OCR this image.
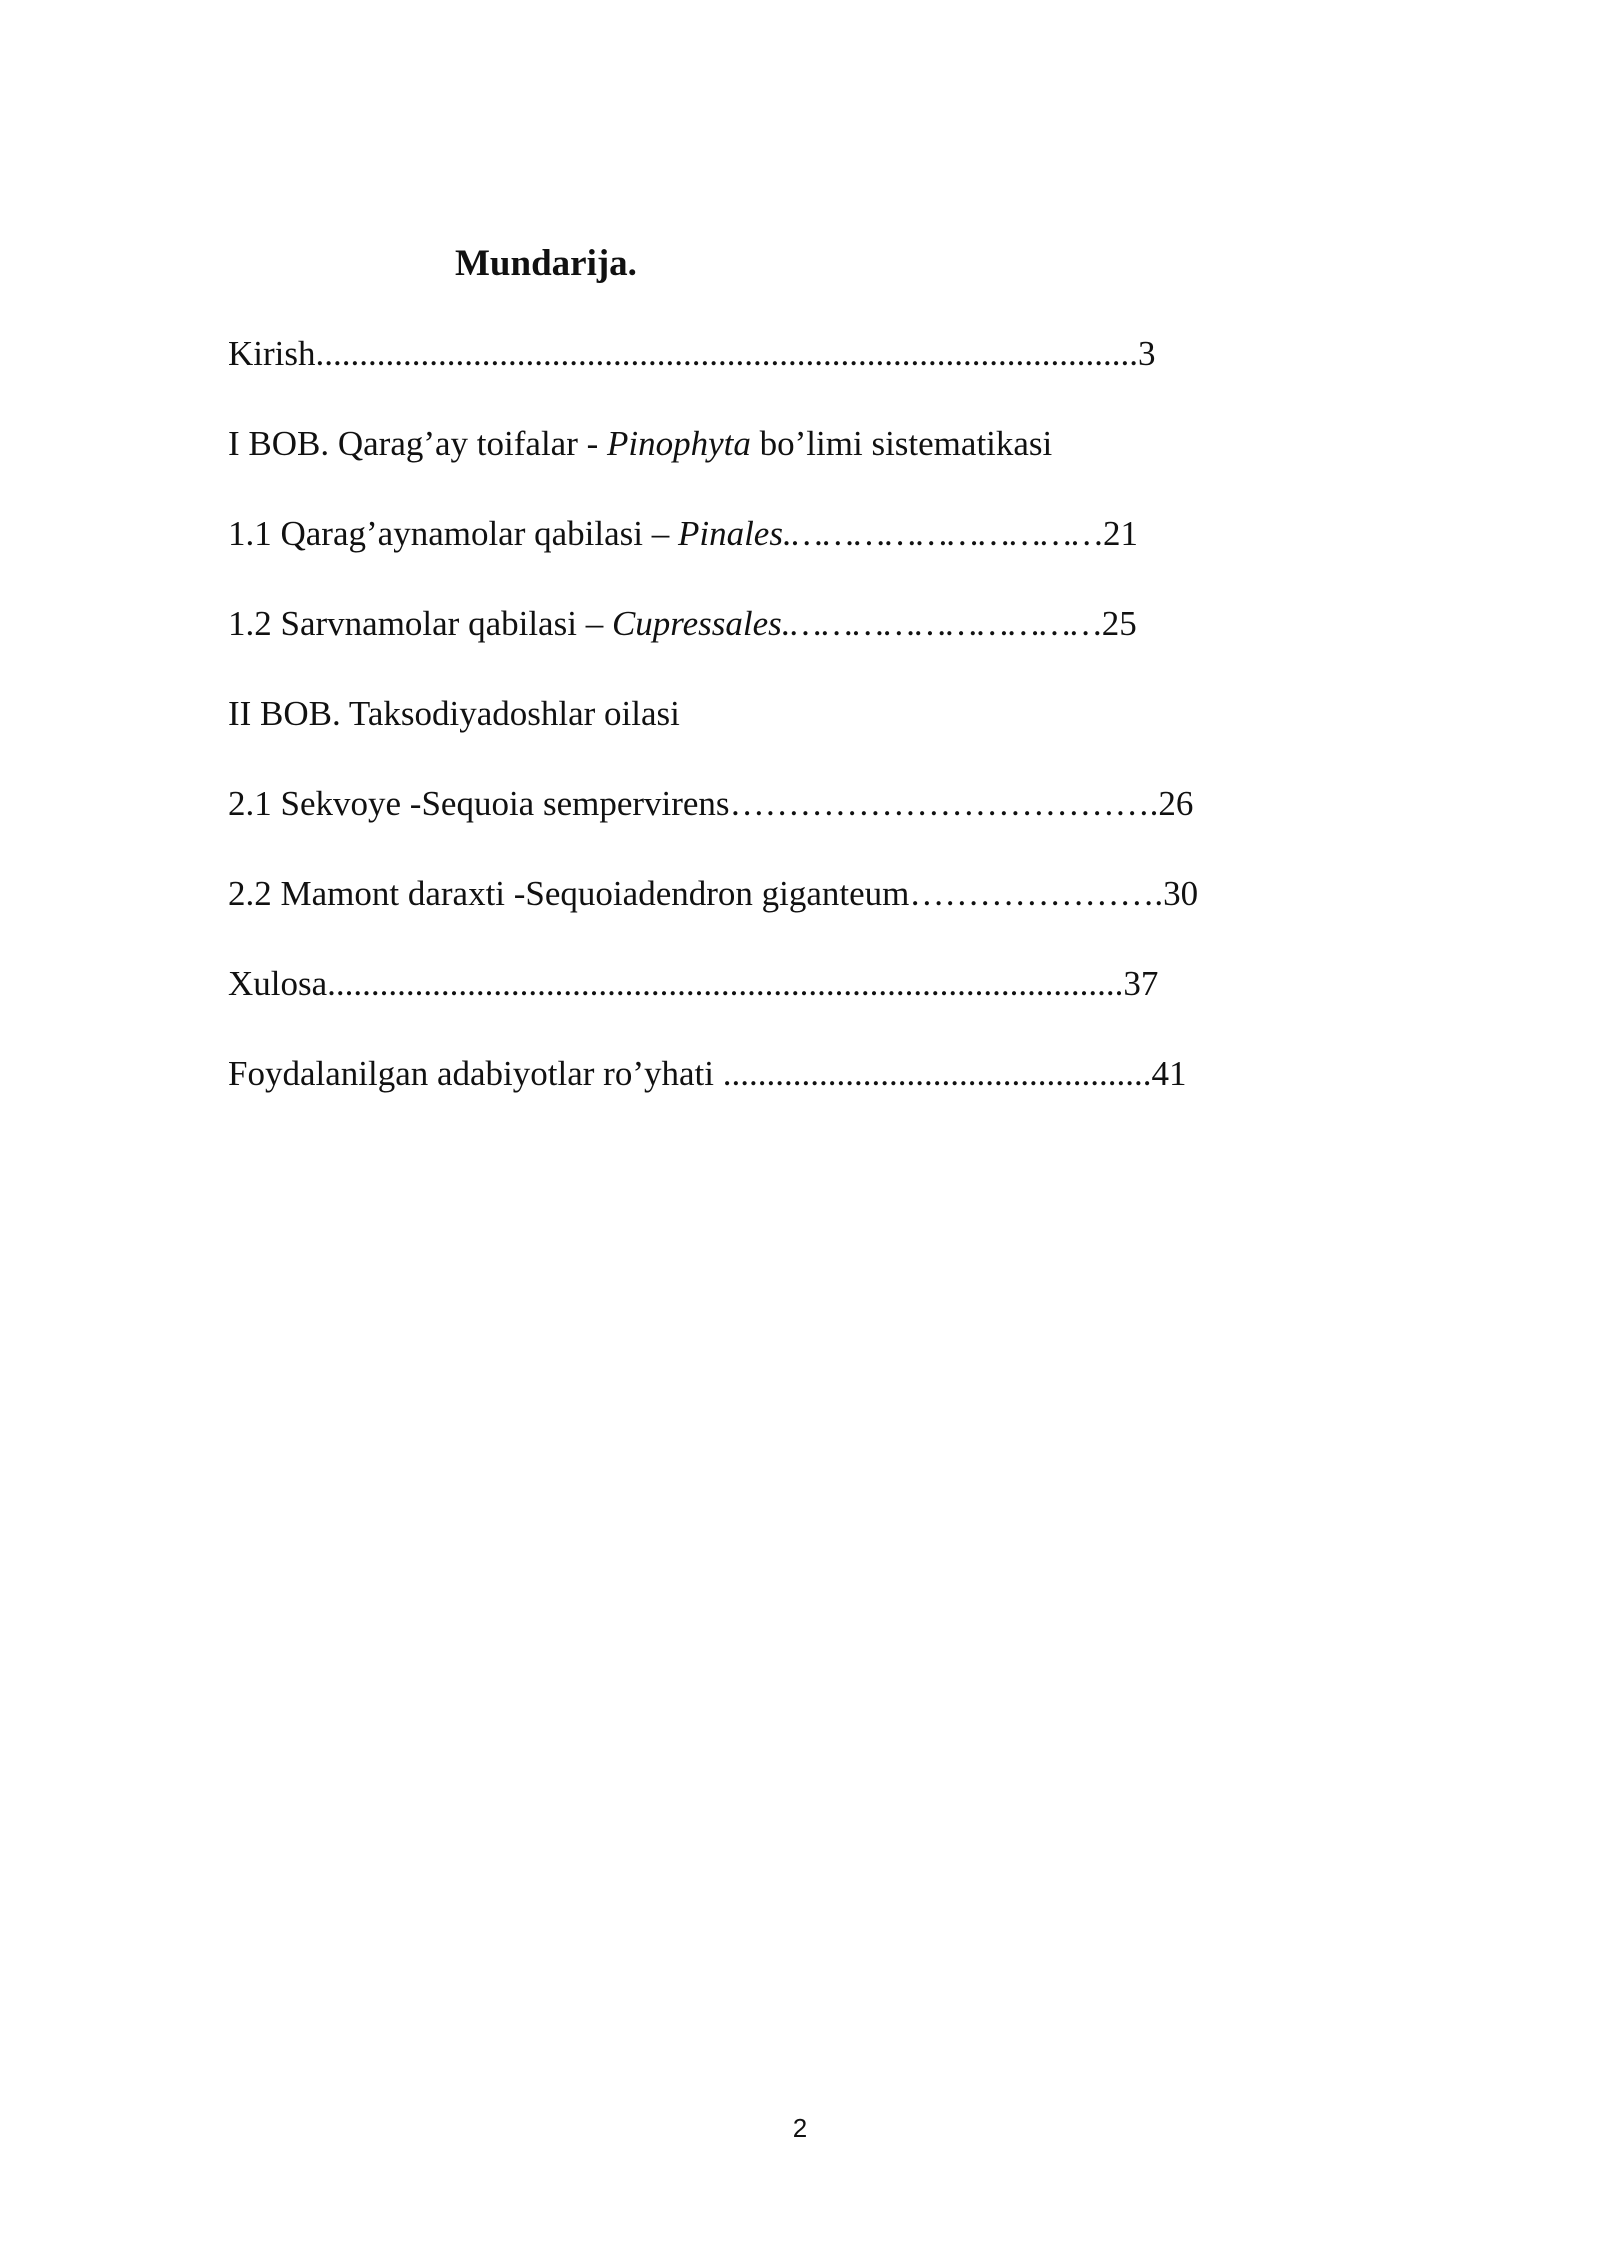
Mundarija.
Kirish..............................................................................................3
I BOB. Qarag’ay toifalar - Pinophyta bo’limi sistematikasi
1.1 Qarag’aynamolar qabilasi – Pinales.…………………………21
1.2 Sarvnamolar qabilasi – Cupressales.…………………………25
II BOB. Taksodiyadoshlar oilasi
2.1 Sekvoye -Sequoia sempervirens……………………………….26
2.2 Mamont daraxti -Sequoiadendron giganteum………………….30
Xulosa...........................................................................................37
Foydalanilgan adabiyotlar ro’yhati .................................................41
2
